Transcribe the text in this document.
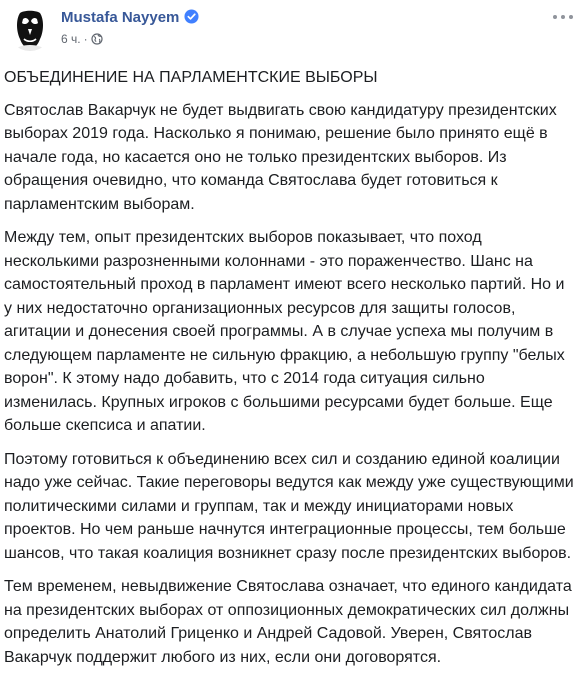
Mustafa Nayyem
6 ч. ·

ОБЪЕДИНЕНИЕ НА ПАРЛАМЕНТСКИЕ ВЫБОРЫ

Святослав Вакарчук не будет выдвигать свою кандидатуру президентских выборах 2019 года. Насколько я понимаю, решение было принято ещё в начале года, но касается оно не только президентских выборов. Из обращения очевидно, что команда Святослава будет готовиться к парламентским выборам.

Между тем, опыт президентских выборов показывает, что поход несколькими разрозненными колоннами - это пораженчество. Шанс на самостоятельный проход в парламент имеют всего несколько партий. Но и у них недостаточно организационных ресурсов для защиты голосов, агитации и донесения своей программы. А в случае успеха мы получим в следующем парламенте не сильную фракцию, а небольшую группу "белых ворон". К этому надо добавить, что с 2014 года ситуация сильно изменилась. Крупных игроков с большими ресурсами будет больше. Еще больше скепсиса и апатии.

Поэтому готовиться к объединению всех сил и созданию единой коалиции надо уже сейчас. Такие переговоры ведутся как между уже существующими политическими силами и группам, так и между инициаторами новых проектов. Но чем раньше начнутся интеграционные процессы, тем больше шансов, что такая коалиция возникнет сразу после президентских выборов.

Тем временем, невыдвижение Святослава означает, что единого кандидата на президентских выборах от оппозиционных демократических сил должны определить Анатолий Гриценко и Андрей Садовой. Уверен, Святослав Вакарчук поддержит любого из них, если они договорятся.
